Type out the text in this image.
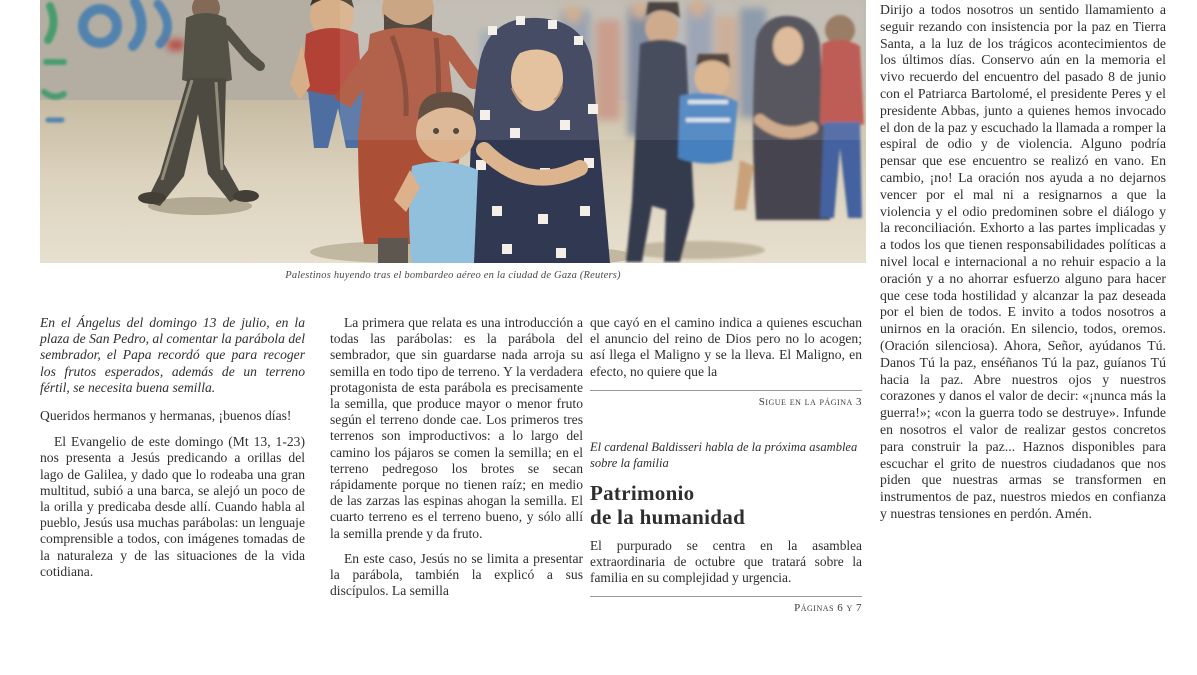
Palestinos huyendo tras el bombardeo aéreo en la ciudad de Gaza (Reuters)

En el Ángelus del domingo 13 de julio, en la plaza de San Pedro, al comentar la parábola del sembrador, el Papa recordó que para recoger los frutos esperados, además de un terreno fértil, se necesita buena semilla.

Queridos hermanos y hermanas, ¡buenos días!

El Evangelio de este domingo (Mt 13, 1-23) nos presenta a Jesús predicando a orillas del lago de Galilea, y dado que lo rodeaba una gran multitud, subió a una barca, se alejó un poco de la orilla y predicaba desde allí. Cuando habla al pueblo, Jesús usa muchas parábolas: un lenguaje comprensible a todos, con imágenes tomadas de la naturaleza y de las situaciones de la vida cotidiana.

La primera que relata es una introducción a todas las parábolas: es la parábola del sembrador, que sin guardarse nada arroja su semilla en todo tipo de terreno. Y la verdadera protagonista de esta parábola es precisamente la semilla, que produce mayor o menor fruto según el terreno donde cae. Los primeros tres terrenos son improductivos: a lo largo del camino los pájaros se comen la semilla; en el terreno pedregoso los brotes se secan rápidamente porque no tienen raíz; en medio de las zarzas las espinas ahogan la semilla. El cuarto terreno es el terreno bueno, y sólo allí la semilla prende y da fruto.

En este caso, Jesús no se limita a presentar la parábola, también la explicó a sus discípulos. La semilla

que cayó en el camino indica a quienes escuchan el anuncio del reino de Dios pero no lo acogen; así llega el Maligno y se la lleva. El Maligno, en efecto, no quiere que la

Sigue en la página 3

El cardenal Baldisseri habla de la próxima asamblea sobre la familia

Patrimonio
de la humanidad

El purpurado se centra en la asamblea extraordinaria de octubre que tratará sobre la familia en su complejidad y urgencia.

Páginas 6 y 7

Dirijo a todos nosotros un sentido llamamiento a seguir rezando con insistencia por la paz en Tierra Santa, a la luz de los trágicos acontecimientos de los últimos días. Conservo aún en la memoria el vivo recuerdo del encuentro del pasado 8 de junio con el Patriarca Bartolomé, el presidente Peres y el presidente Abbas, junto a quienes hemos invocado el don de la paz y escuchado la llamada a romper la espiral de odio y de violencia. Alguno podría pensar que ese encuentro se realizó en vano. En cambio, ¡no! La oración nos ayuda a no dejarnos vencer por el mal ni a resignarnos a que la violencia y el odio predominen sobre el diálogo y la reconciliación. Exhorto a las partes implicadas y a todos los que tienen responsabilidades políticas a nivel local e internacional a no rehuir espacio a la oración y a no ahorrar esfuerzo alguno para hacer que cese toda hostilidad y alcanzar la paz deseada por el bien de todos. E invito a todos nosotros a unirnos en la oración. En silencio, todos, oremos. (Oración silenciosa). Ahora, Señor, ayúdanos Tú. Danos Tú la paz, enséñanos Tú la paz, guíanos Tú hacia la paz. Abre nuestros ojos y nuestros corazones y danos el valor de decir: «¡nunca más la guerra!»; «con la guerra todo se destruye». Infunde en nosotros el valor de realizar gestos concretos para construir la paz... Haznos disponibles para escuchar el grito de nuestros ciudadanos que nos piden que nuestras armas se transformen en instrumentos de paz, nuestros miedos en confianza y nuestras tensiones en perdón. Amén.
